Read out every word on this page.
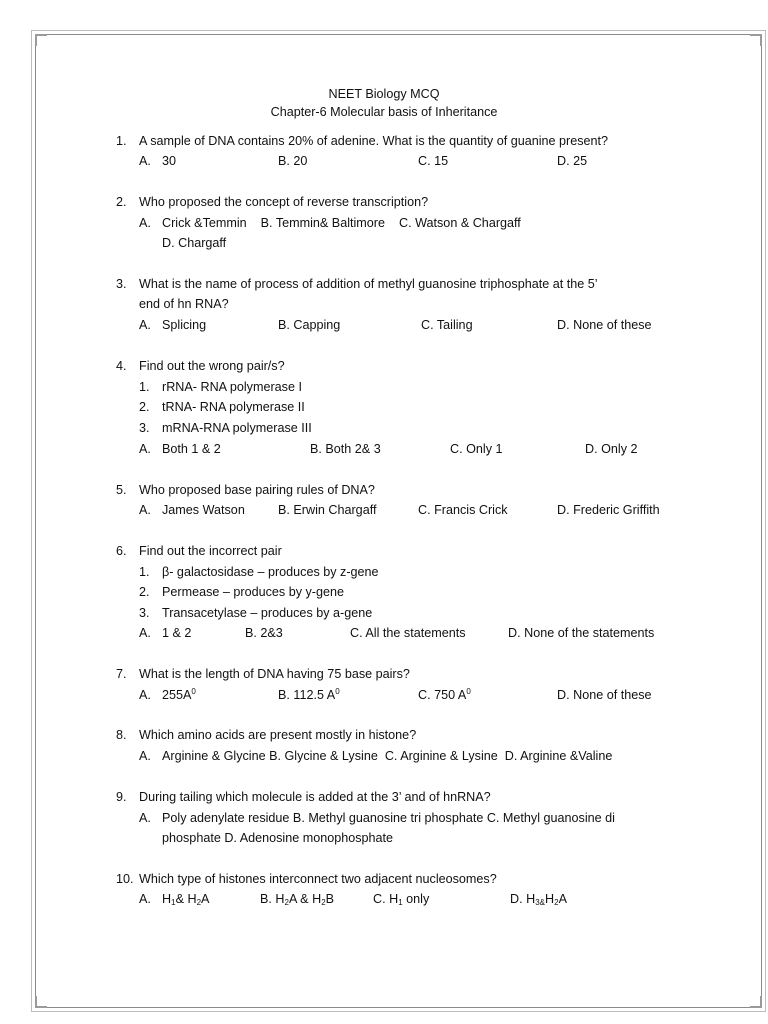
NEET Biology MCQ
Chapter-6 Molecular basis of Inheritance
1. A sample of DNA contains 20% of adenine. What is the quantity of guanine present?
A. 30	B. 20	C. 15	D. 25
2. Who proposed the concept of reverse transcription?
A. Crick &Temmin    B. Temmin& Baltimore    C. Watson & Chargaff
D. Chargaff
3. What is the name of process of addition of methyl guanosine triphosphate at the 5’
end of hn RNA?
A. Splicing	B. Capping	C. Tailing	D. None of these
4. Find out the wrong pair/s?
1. rRNA- RNA polymerase I
2. tRNA- RNA polymerase II
3. mRNA-RNA polymerase III
A. Both 1 & 2	B. Both 2& 3	C. Only 1	D. Only 2
5. Who proposed base pairing rules of DNA?
A. James Watson	B. Erwin Chargaff	C. Francis Crick	D. Frederic Griffith
6. Find out the incorrect pair
1. β- galactosidase – produces by z-gene
2. Permease – produces by y-gene
3. Transacetylase – produces by a-gene
A. 1 & 2	B. 2&3	C. All the statements	D. None of the statements
7. What is the length of DNA having 75 base pairs?
A. $255A^0$	B. 112.5 $A^0$	C. 750 $A^0$	D. None of these
8. Which amino acids are present mostly in histone?
A. Arginine & Glycine B. Glycine & Lysine  C. Arginine & Lysine  D. Arginine &Valine
9. During tailing which molecule is added at the 3’ and of hnRNA?
A. Poly adenylate residue B. Methyl guanosine tri phosphate C. Methyl guanosine di
phosphate D. Adenosine monophosphate
10. Which type of histones interconnect two adjacent nucleosomes?
A. $H_1\&$ $H_2A$	B. $H_2A$ & $H_2B$	C. $H_1$ only	D. $H_{3\&}H_2A$
